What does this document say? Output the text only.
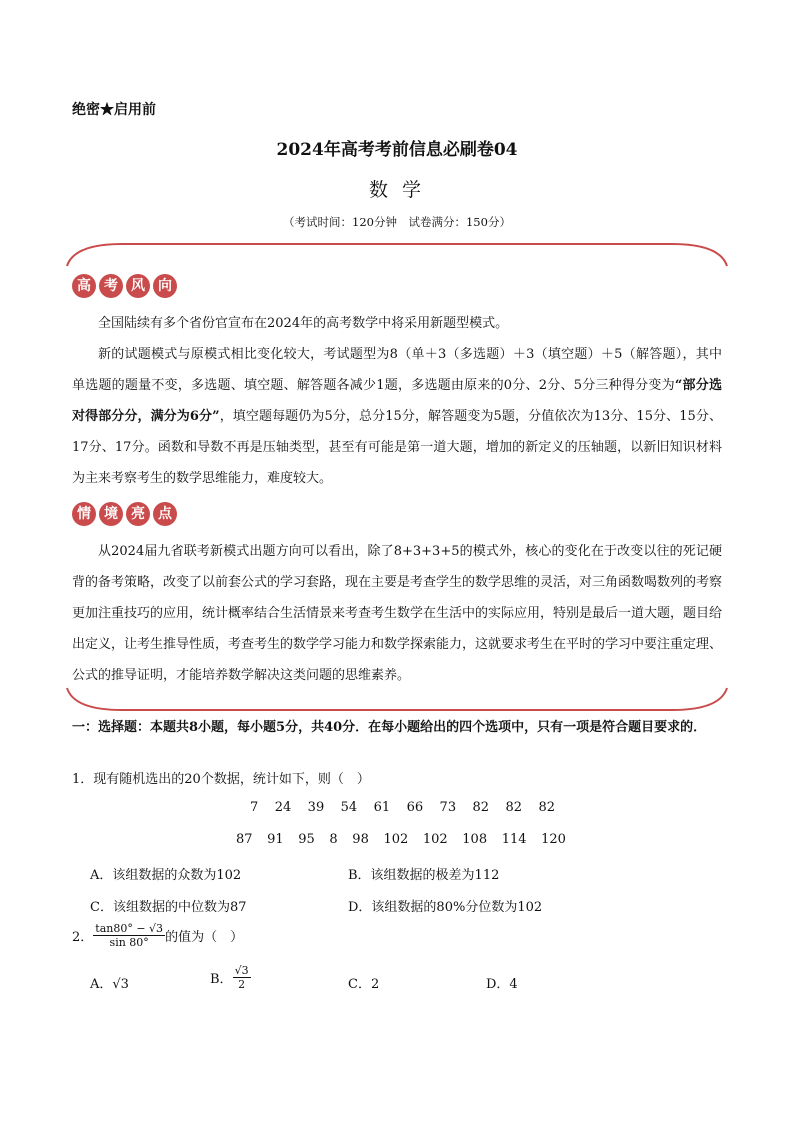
绝密★启用前
2024年高考考前信息必刷卷04
数 学
（考试时间：120分钟　试卷满分：150分）
高 考 风 向

全国陆续有多个省份官宣布在2024年的高考数学中将采用新题型模式。

新的试题模式与原模式相比变化较大，考试题型为8（单＋3（多选题）＋3（填空题）＋5（解答题），其中单选题的题量不变，多选题、填空题、解答题各减少1题，多选题由原来的0分、2分、5分三种得分变为“部分选对得部分分，满分为6分”，填空题每题仍为5分，总分15分，解答题变为5题，分值依次为13分、15分、15分、17分、17分。函数和导数不再是压轴类型，甚至有可能是第一道大题，增加的新定义的压轴题，以新旧知识材料为主来考察考生的数学思维能力，难度较大。

情 境 亮 点

从2024届九省联考新模式出题方向可以看出，除了8+3+3+5的模式外，核心的变化在于改变以往的死记硬背的备考策略，改变了以前套公式的学习套路，现在主要是考查学生的数学思维的灵活，对三角函数喝数列的考察更加注重技巧的应用，统计概率结合生活情景来考查考生数学在生活中的实际应用，特别是最后一道大题，题目给出定义，让考生推导性质，考查考生的数学学习能力和数学探索能力，这就要求考生在平时的学习中要注重定理、公式的推导证明，才能培养数学解决这类问题的思维素养。

一：选择题：本题共8小题，每小题5分，共40分．在每小题给出的四个选项中，只有一项是符合题目要求的．
1．现有随机选出的20个数据，统计如下，则（　）
7 24 39 54 61 66 73 82 82 82
87 91 95 8 98 102 102 108 114 120
A．该组数据的众数为102	B．该组数据的极差为112
C．该组数据的中位数为87	D．该组数据的80%分位数为102
2． $\frac{\tan 80^\circ - √3}{\sin 80^\circ}$ 的值为（　）
A．√3	B． $\frac{√3}{2}$	C．2	D．4
